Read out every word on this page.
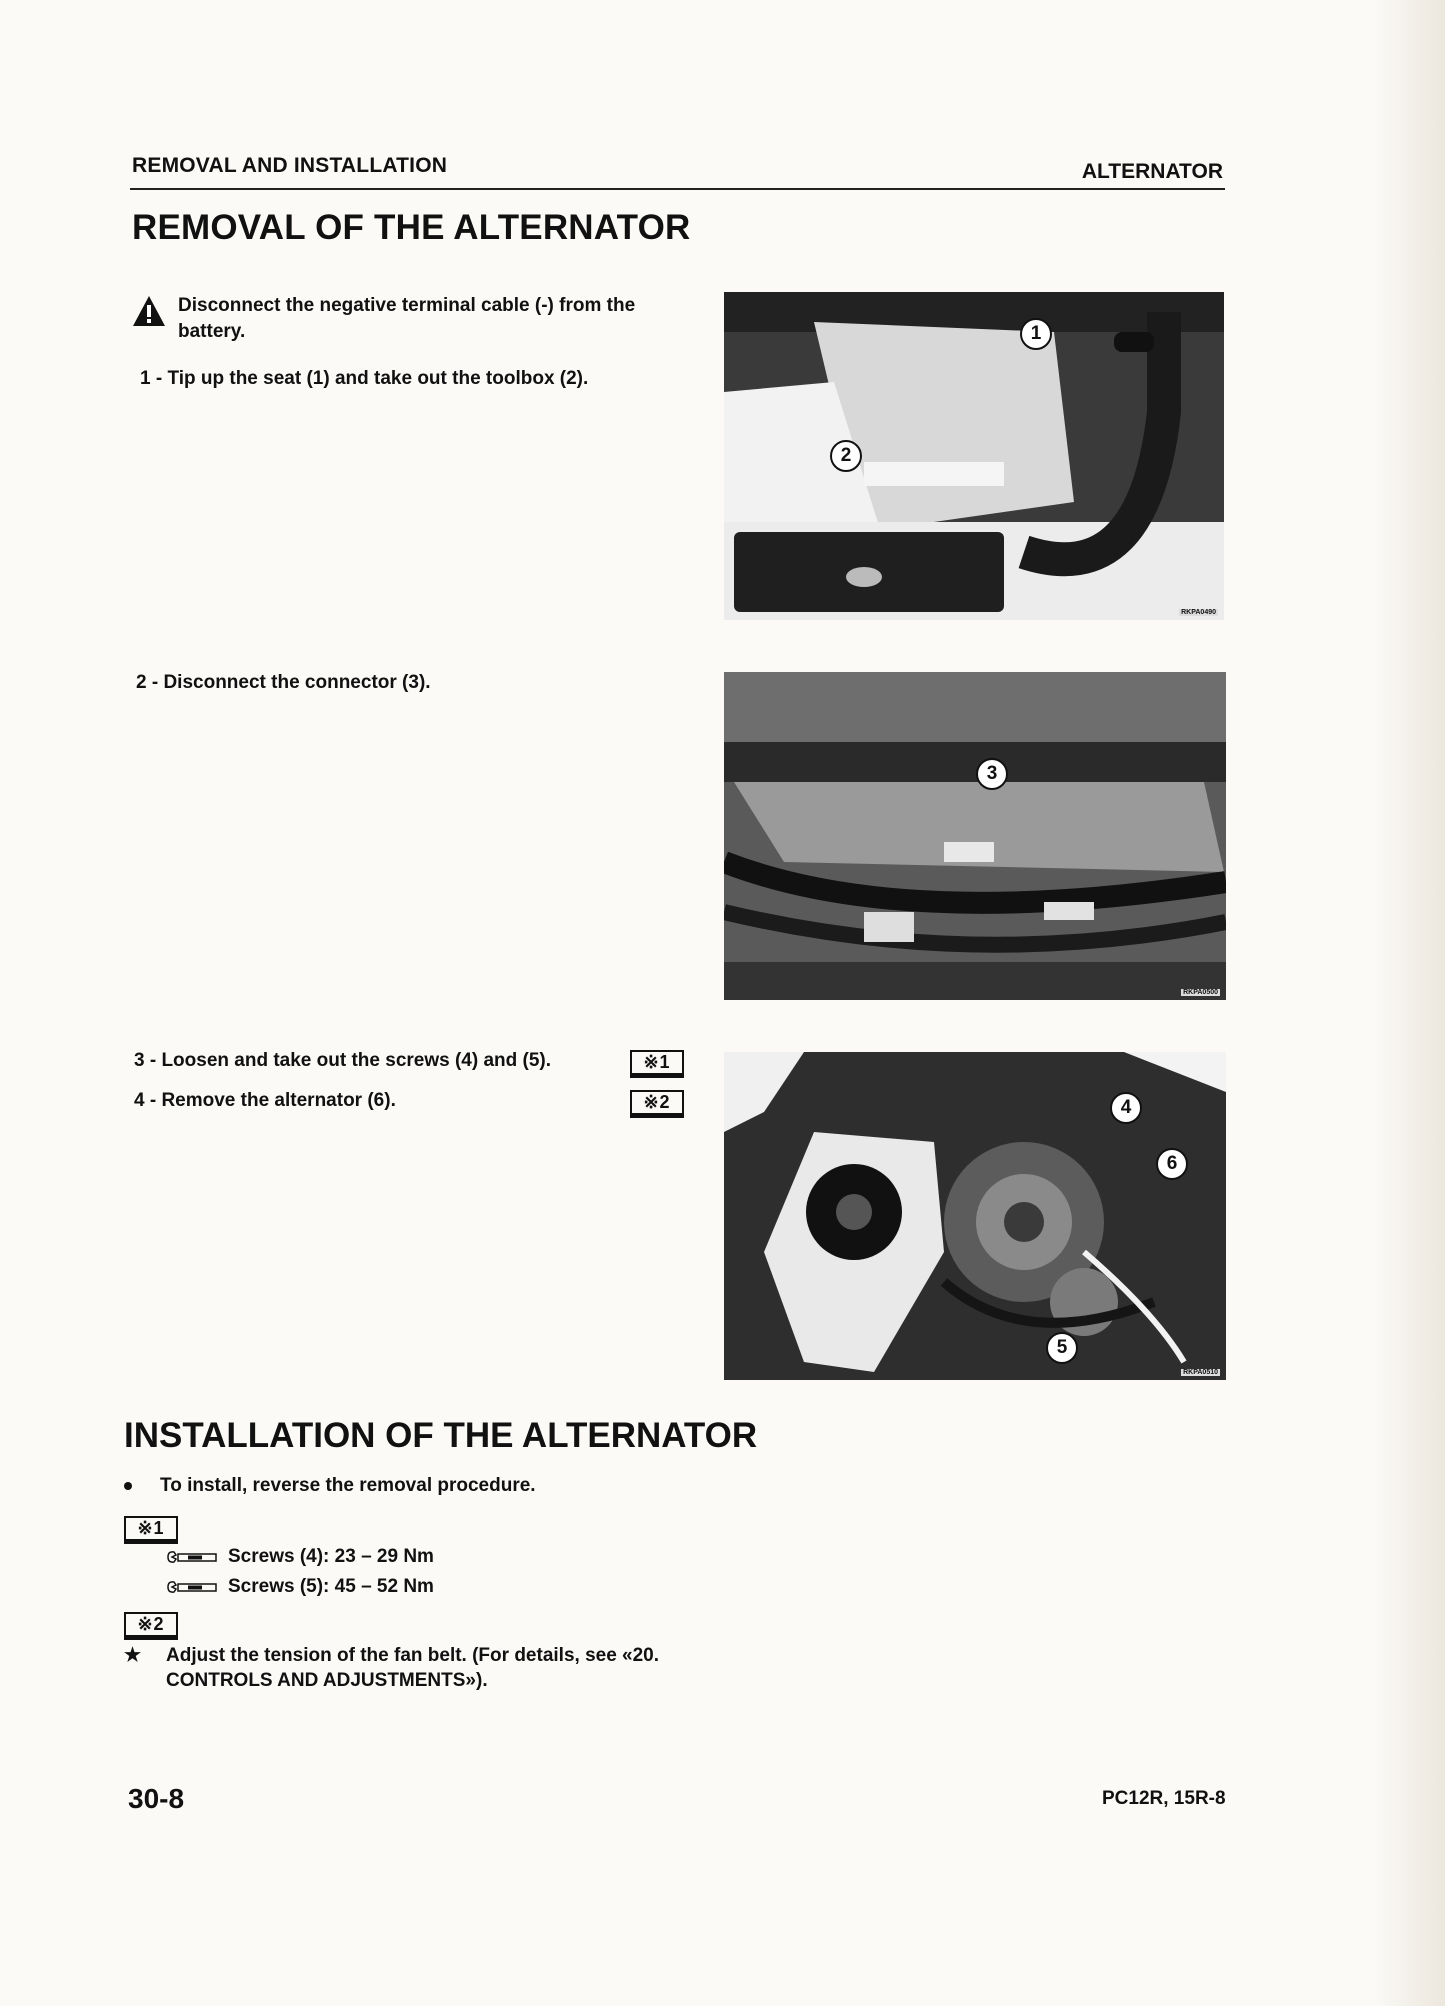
REMOVAL AND INSTALLATION	ALTERNATOR
REMOVAL OF THE ALTERNATOR
Disconnect the negative terminal cable (-) from the battery.
1 - Tip up the seat (1) and take out the toolbox (2).
2 - Disconnect the connector (3).
3 - Loosen and take out the screws (4) and (5).
4 - Remove the alternator (6).
※1
※2
1
2
RKPA0490
3
RKPA0500
4
6
5
RKPA0510
INSTALLATION OF THE ALTERNATOR
To install, reverse the removal procedure.
※1
Screws (4): 23 – 29 Nm
Screws (5): 45 – 52 Nm
※2
★ Adjust the tension of the fan belt. (For details, see «20. CONTROLS AND ADJUSTMENTS»).
30-8	PC12R, 15R-8
